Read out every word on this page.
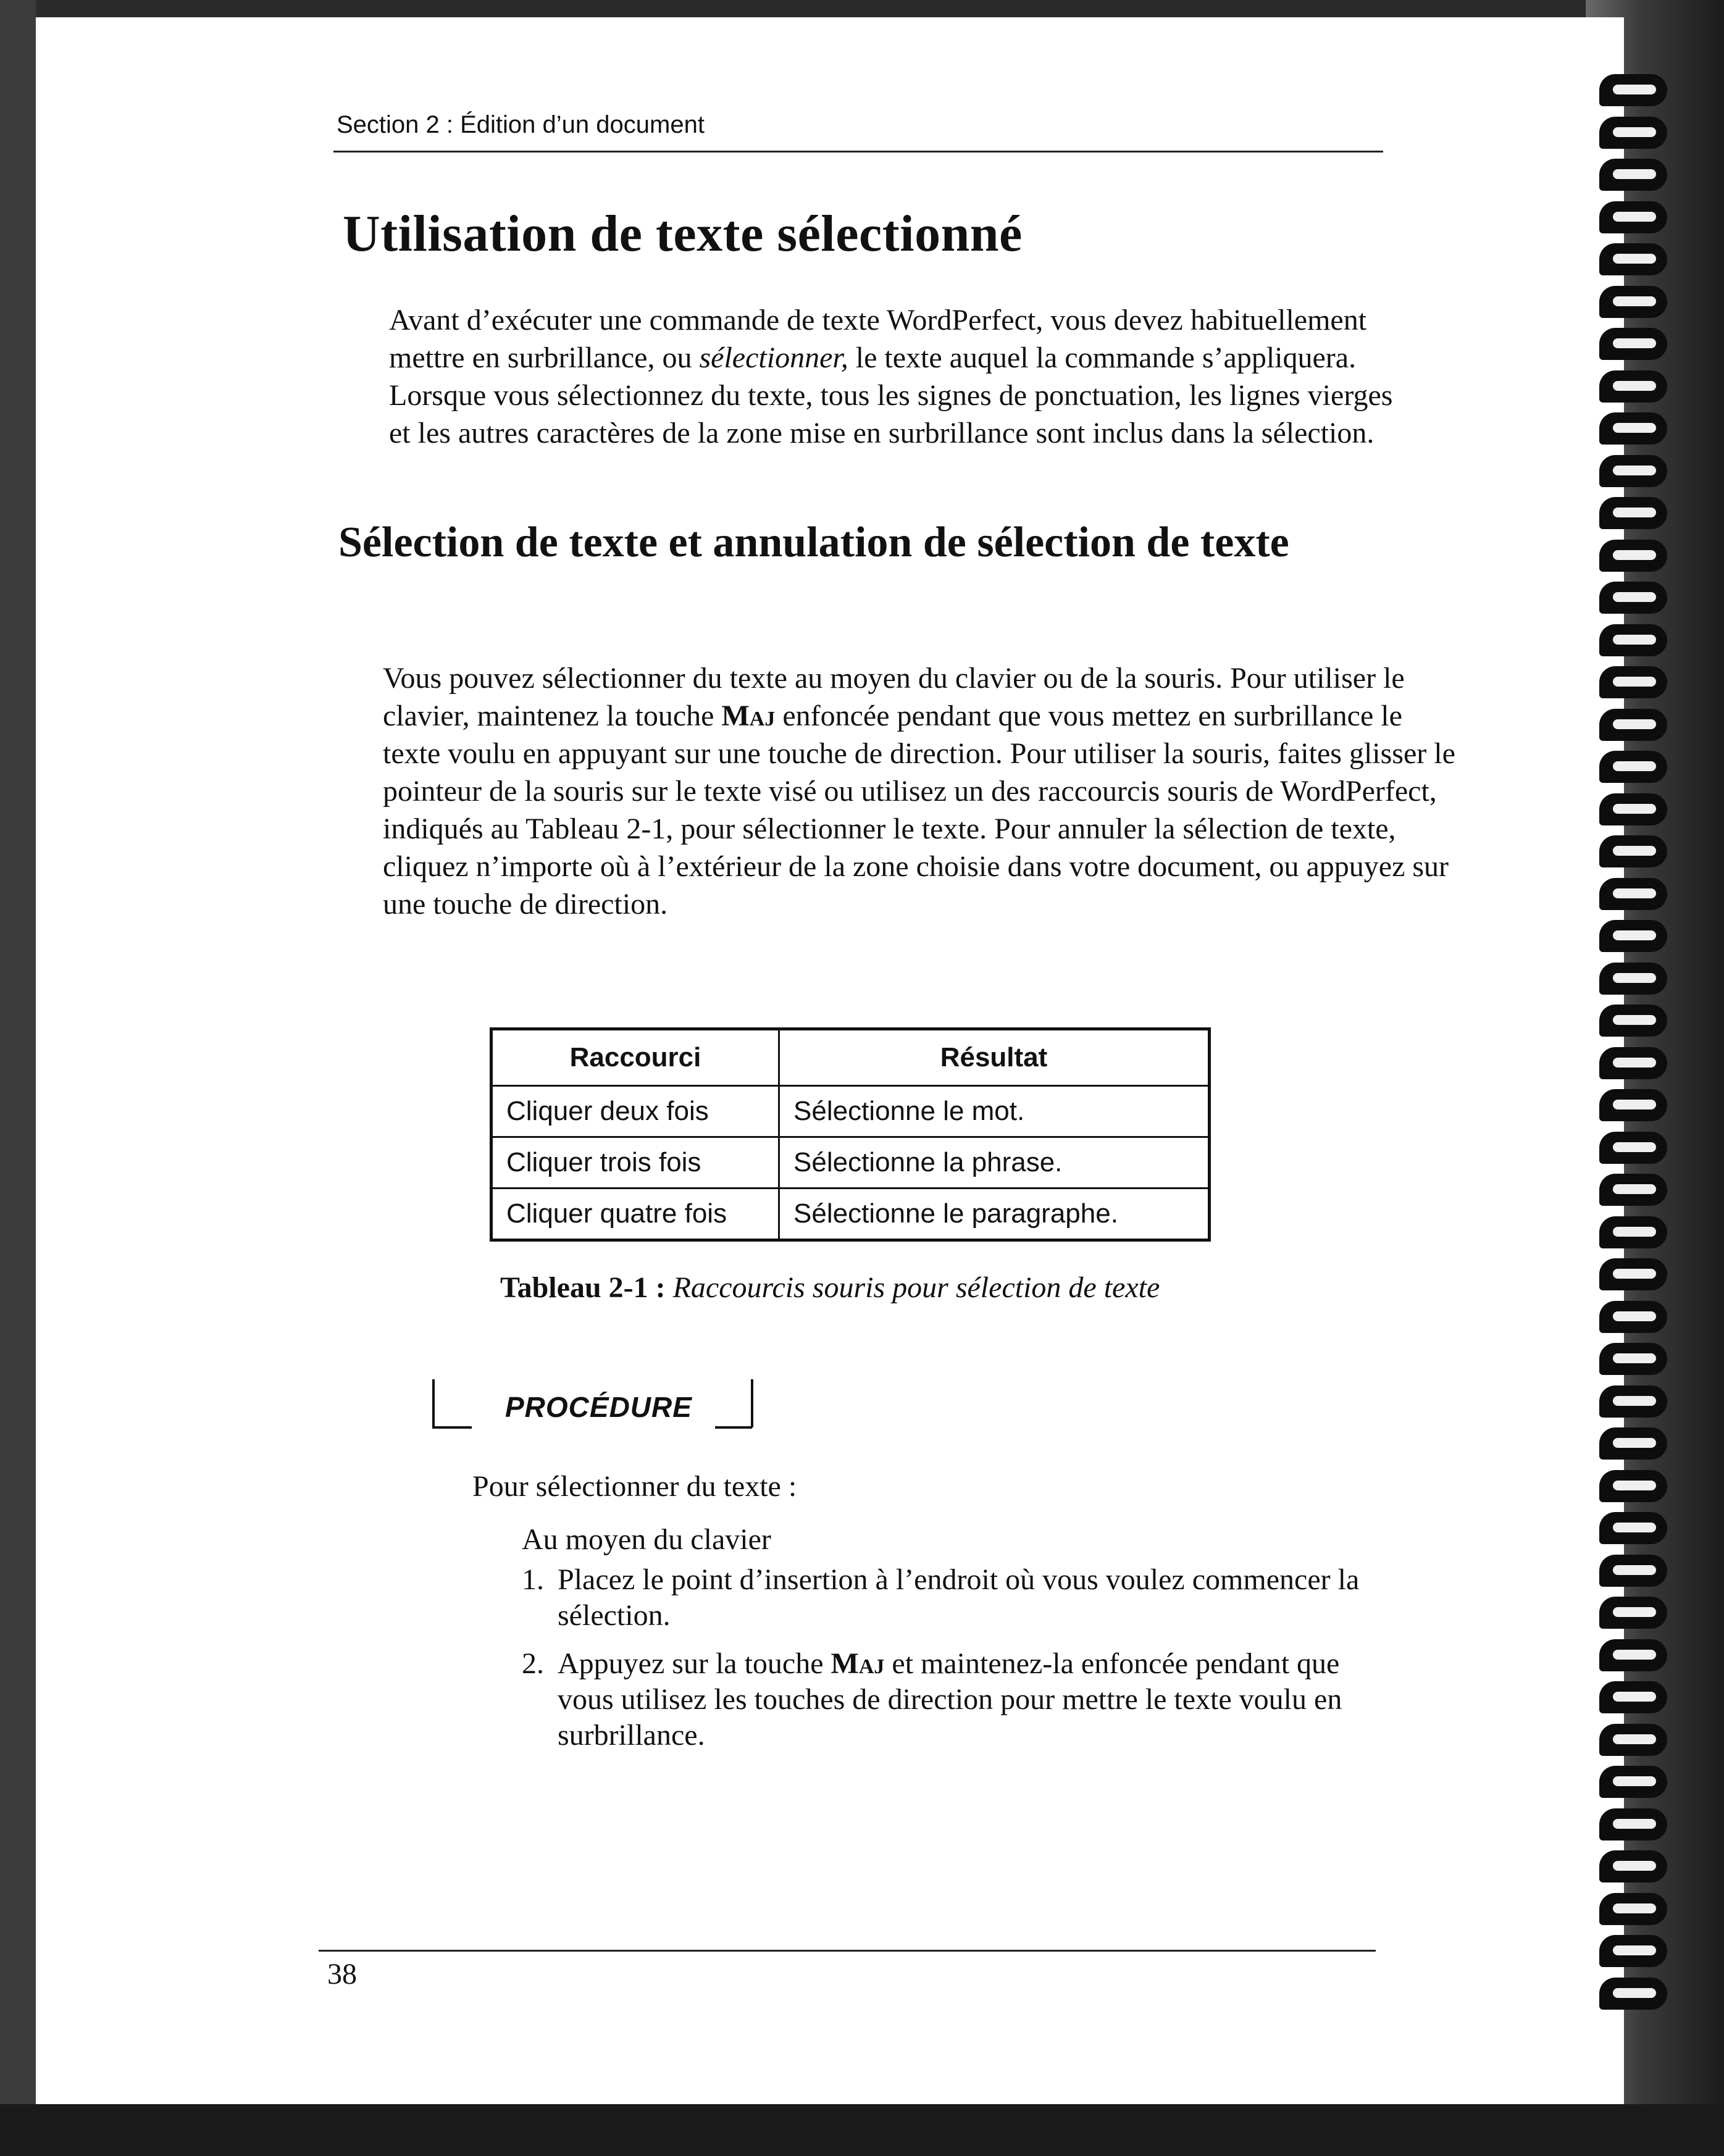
Section 2 : Édition d’un document
Utilisation de texte sélectionné

Avant d’exécuter une commande de texte WordPerfect, vous devez habituellement mettre en surbrillance, ou sélectionner, le texte auquel la commande s’appliquera. Lorsque vous sélectionnez du texte, tous les signes de ponctuation, les lignes vierges et les autres caractères de la zone mise en surbrillance sont inclus dans la sélection.

Sélection de texte et annulation de sélection de texte

Vous pouvez sélectionner du texte au moyen du clavier ou de la souris. Pour utiliser le clavier, maintenez la touche Maj enfoncée pendant que vous mettez en surbrillance le texte voulu en appuyant sur une touche de direction. Pour utiliser la souris, faites glisser le pointeur de la souris sur le texte visé ou utilisez un des raccourcis souris de WordPerfect, indiqués au Tableau 2-1, pour sélectionner le texte. Pour annuler la sélection de texte, cliquez n’importe où à l’extérieur de la zone choisie dans votre document, ou appuyez sur une touche de direction.

Raccourci	Résultat
Cliquer deux fois	Sélectionne le mot.
Cliquer trois fois	Sélectionne la phrase.
Cliquer quatre fois	Sélectionne le paragraphe.
Tableau 2-1 : Raccourcis souris pour sélection de texte
PROCÉDURE
Pour sélectionner du texte :
Au moyen du clavier
1. Placez le point d’insertion à l’endroit où vous voulez commencer la sélection.
2. Appuyez sur la touche Maj et maintenez-la enfoncée pendant que vous utilisez les touches de direction pour mettre le texte voulu en surbrillance.
38
